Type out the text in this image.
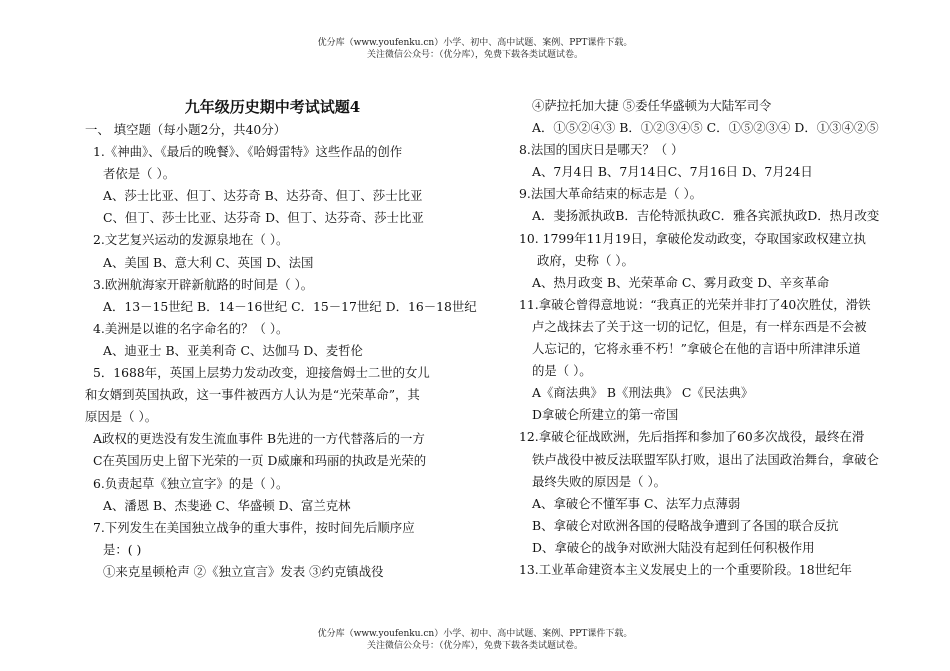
优分库（www.youfenku.cn）小学、初中、高中试题、案例、PPT课件下载。
关注微信公众号：（优分库），免费下载各类试题试卷。
九年级历史期中考试试题4
一、 填空题（每小题2分，共40分）
1.《神曲》、《最后的晚餐》、《哈姆雷特》这些作品的创作
者依是（ ）。
A、莎士比亚、但丁、达芬奇 B、达芬奇、但丁、莎士比亚
C、但丁、莎士比亚、达芬奇 D、但丁、达芬奇、莎士比亚
2.文艺复兴运动的发源泉地在（ ）。
A、美国 B、意大利 C、英国 D、法国
3.欧洲航海家开辟新航路的时间是（ ）。
A．13－15世纪 B．14－16世纪 C．15－17世纪 D．16－18世纪
4.美洲是以谁的名字命名的？（ ）。
A、迪亚士 B、亚美利奇 C、达伽马 D、麦哲伦
5．1688年，英国上层势力发动改变，迎接詹姆士二世的女儿
和女婿到英国执政，这一事件被西方人认为是“光荣革命”，其
原因是（ ）。
A政权的更迭没有发生流血事件 B先进的一方代替落后的一方
C在英国历史上留下光荣的一页 D威廉和玛丽的执政是光荣的
6.负责起草《独立宣字》的是（ ）。
A、潘恩 B、杰斐逊 C、华盛顿 D、富兰克林
7.下列发生在美国独立战争的重大事件，按时间先后顺序应
是：( )
①来克星顿枪声 ②《独立宣言》发表 ③约克镇战役
④萨拉托加大捷 ⑤委任华盛顿为大陆军司令
A．①⑤②④③ B．①②③④⑤ C．①⑤②③④ D．①③④②⑤
8.法国的国庆日是哪天？（ ）
A、7月4日 B、7月14日C、7月16日 D、7月24日
9.法国大革命结束的标志是（ ）。
A．斐扬派执政B．吉伦特派执政C．雅各宾派执政D．热月改变
10. 1799年11月19日，拿破伦发动政变，夺取国家政权建立执
政府，史称（ ）。
A、热月政变 B、光荣革命 C、雾月政变 D、辛亥革命
11.拿破仑曾得意地说：“我真正的光荣并非打了40次胜仗，滑铁
卢之战抹去了关于这一切的记忆，但是，有一样东西是不会被
人忘记的，它将永垂不朽！”拿破仑在他的言语中所津津乐道
的是（ ）。
A《商法典》 B《刑法典》 C《民法典》
D拿破仑所建立的第一帝国
12.拿破仑征战欧洲，先后指挥和参加了60多次战役，最终在滑
铁卢战役中被反法联盟军队打败，退出了法国政治舞台，拿破仑
最终失败的原因是（ ）。
A、拿破仑不懂军事 C、法军力点薄弱
B、拿破仑对欧洲各国的侵略战争遭到了各国的联合反抗
D、拿破仑的战争对欧洲大陆没有起到任何积极作用
13.工业革命建资本主义发展史上的一个重要阶段。18世纪年
优分库（www.youfenku.cn）小学、初中、高中试题、案例、PPT课件下载。
关注微信公众号：（优分库），免费下载各类试题试卷。
